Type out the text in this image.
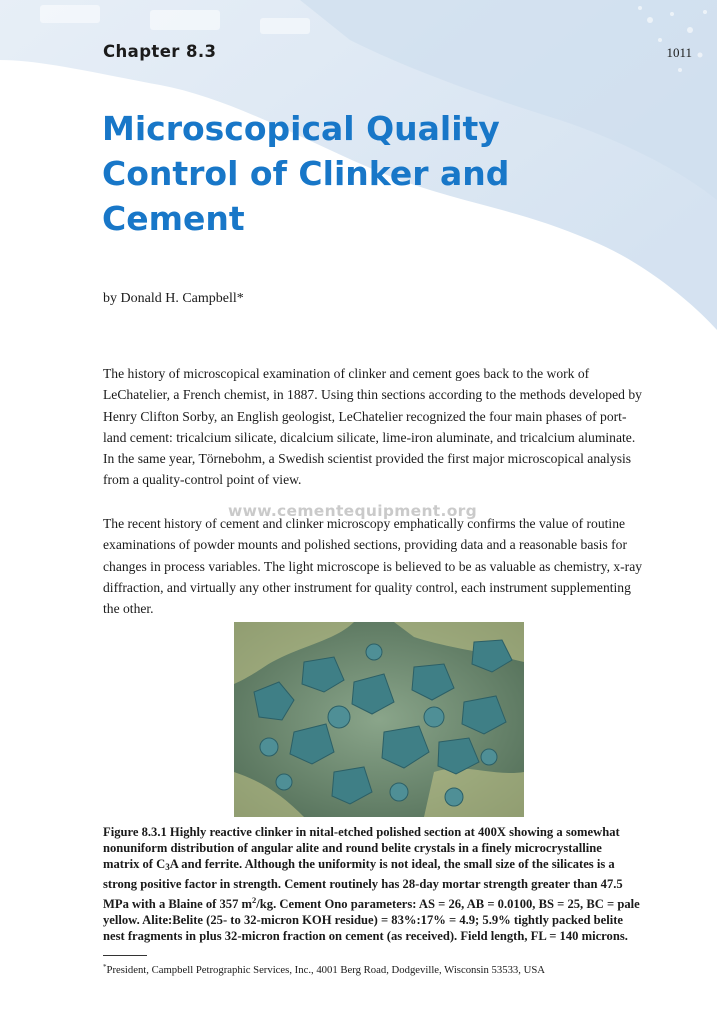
Chapter 8.3	1011
Microscopical Quality
Control of Clinker and
Cement
by Donald H. Campbell*

The history of microscopical examination of clinker and cement goes back to the work of
LeChatelier, a French chemist, in 1887. Using thin sections according to the methods developed by
Henry Clifton Sorby, an English geologist, LeChatelier recognized the four main phases of port-
land cement: tricalcium silicate, dicalcium silicate, lime-iron aluminate, and tricalcium aluminate.
In the same year, Törnebohm, a Swedish scientist provided the first major microscopical analysis
from a quality-control point of view.

The recent history of cement and clinker microscopy emphatically confirms the value of routine
examinations of powder mounts and polished sections, providing data and a reasonable basis for
changes in process variables. The light microscope is believed to be as valuable as chemistry, x-ray
diffraction, and virtually any other instrument for quality control, each instrument supplementing
the other.

www.cementequipment.org

Figure 8.3.1 Highly reactive clinker in nital-etched polished section at 400X showing a somewhat
nonuniform distribution of angular alite and round belite crystals in a finely microcrystalline
matrix of $C_3A$ and ferrite. Although the uniformity is not ideal, the small size of the silicates is a
strong positive factor in strength. Cement routinely has 28-day mortar strength greater than 47.5
MPa with a Blaine of 357 $m^2/kg$. Cement Ono parameters: AS = 26, AB = 0.0100, BS = 25, BC = pale
yellow. Alite:Belite (25- to 32-micron KOH residue) = 83%:17% = 4.9; 5.9% tightly packed belite
nest fragments in plus 32-micron fraction on cement (as received). Field length, FL = 140 microns.

*President, Campbell Petrographic Services, Inc., 4001 Berg Road, Dodgeville, Wisconsin 53533, USA
